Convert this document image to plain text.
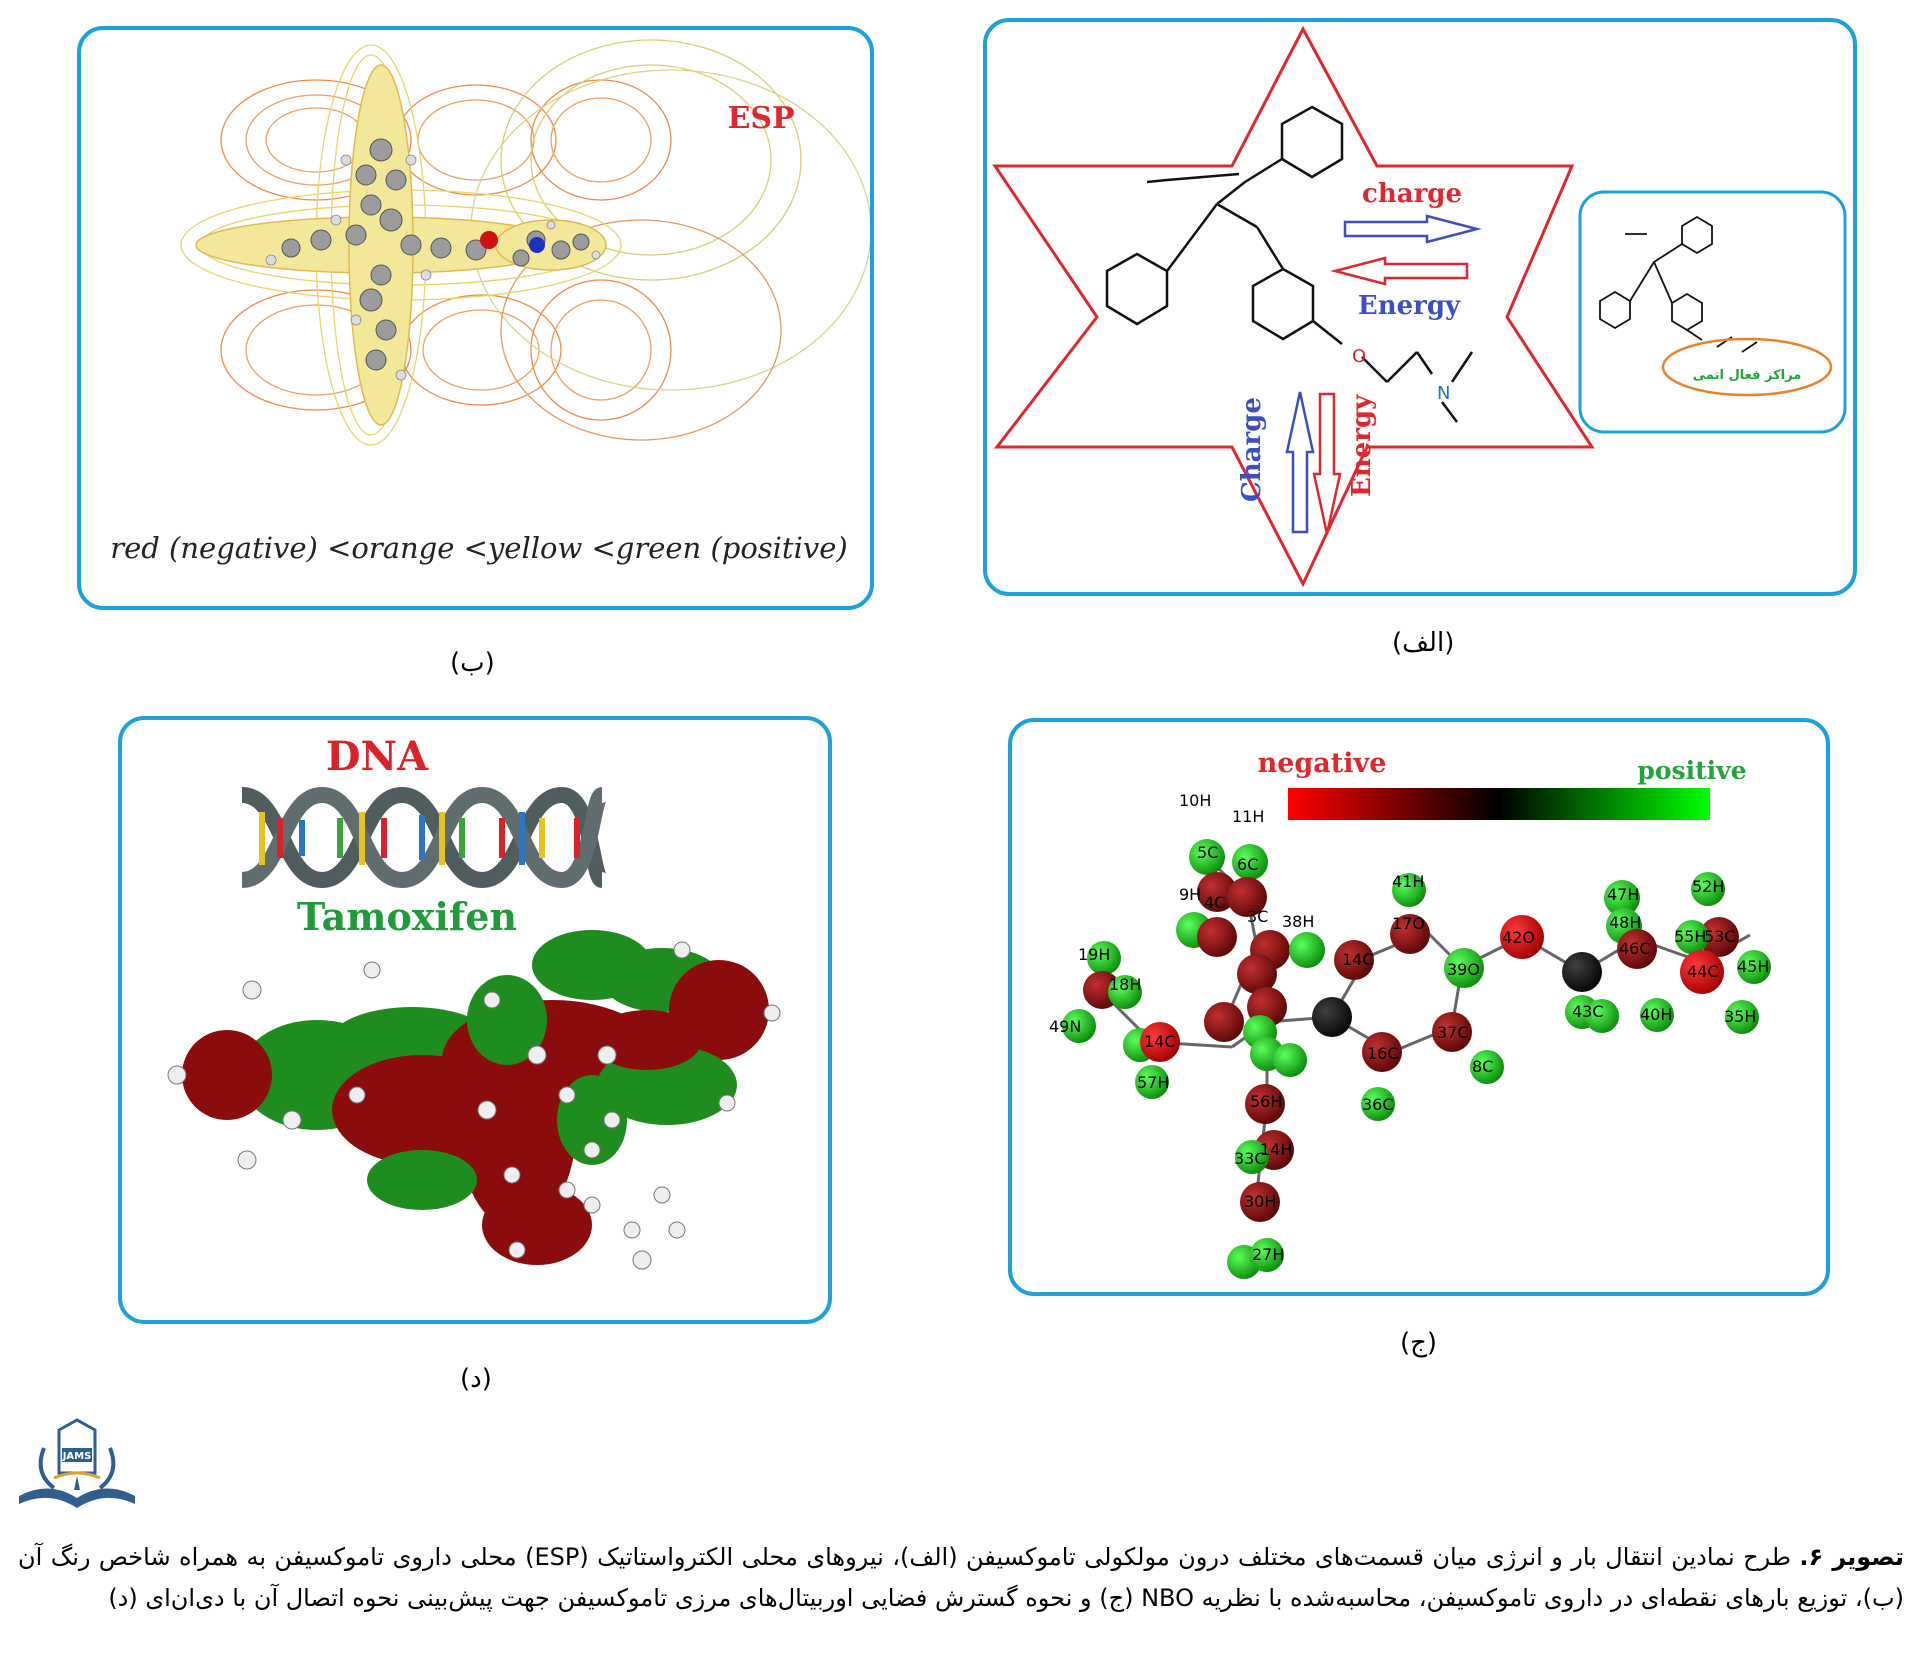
ESP
red (negative) <orange <yellow <green (positive)
(ب)
O
N
charge
Energy
Charge	Energy
مراکز فعال اتمی
(الف)
DNA
Tamoxifen
(د)
negative	positive
10H
11H
5C
6C
9H 4C
3C 38H
41H
17O
42O
47H
48H
52H
46C
55H
53C
19H
18H
14C
39O
43C
44C 45H
49N
14C
16C
37C
8C
36C
40H	35H
57H
56H
14H
33C
30H
27H
(ج)
JAMS
تصویر ۶. طرح نمادین انتقال بار و انرژی میان قسمت‌های مختلف درون مولکولی تاموکسیفن (الف)، نیروهای محلی الکترواستاتیک (ESP) محلی داروی تاموکسیفن به همراه شاخص رنگ آن (ب)، توزیع بارهای نقطه‌ای در داروی تاموکسیفن، محاسبه‌شده با نظریه NBO (ج) و نحوه گسترش فضایی اوربیتال‌های مرزی تاموکسیفن جهت پیش‌بینی نحوه اتصال آن با دی‌ان‌ای (د)
